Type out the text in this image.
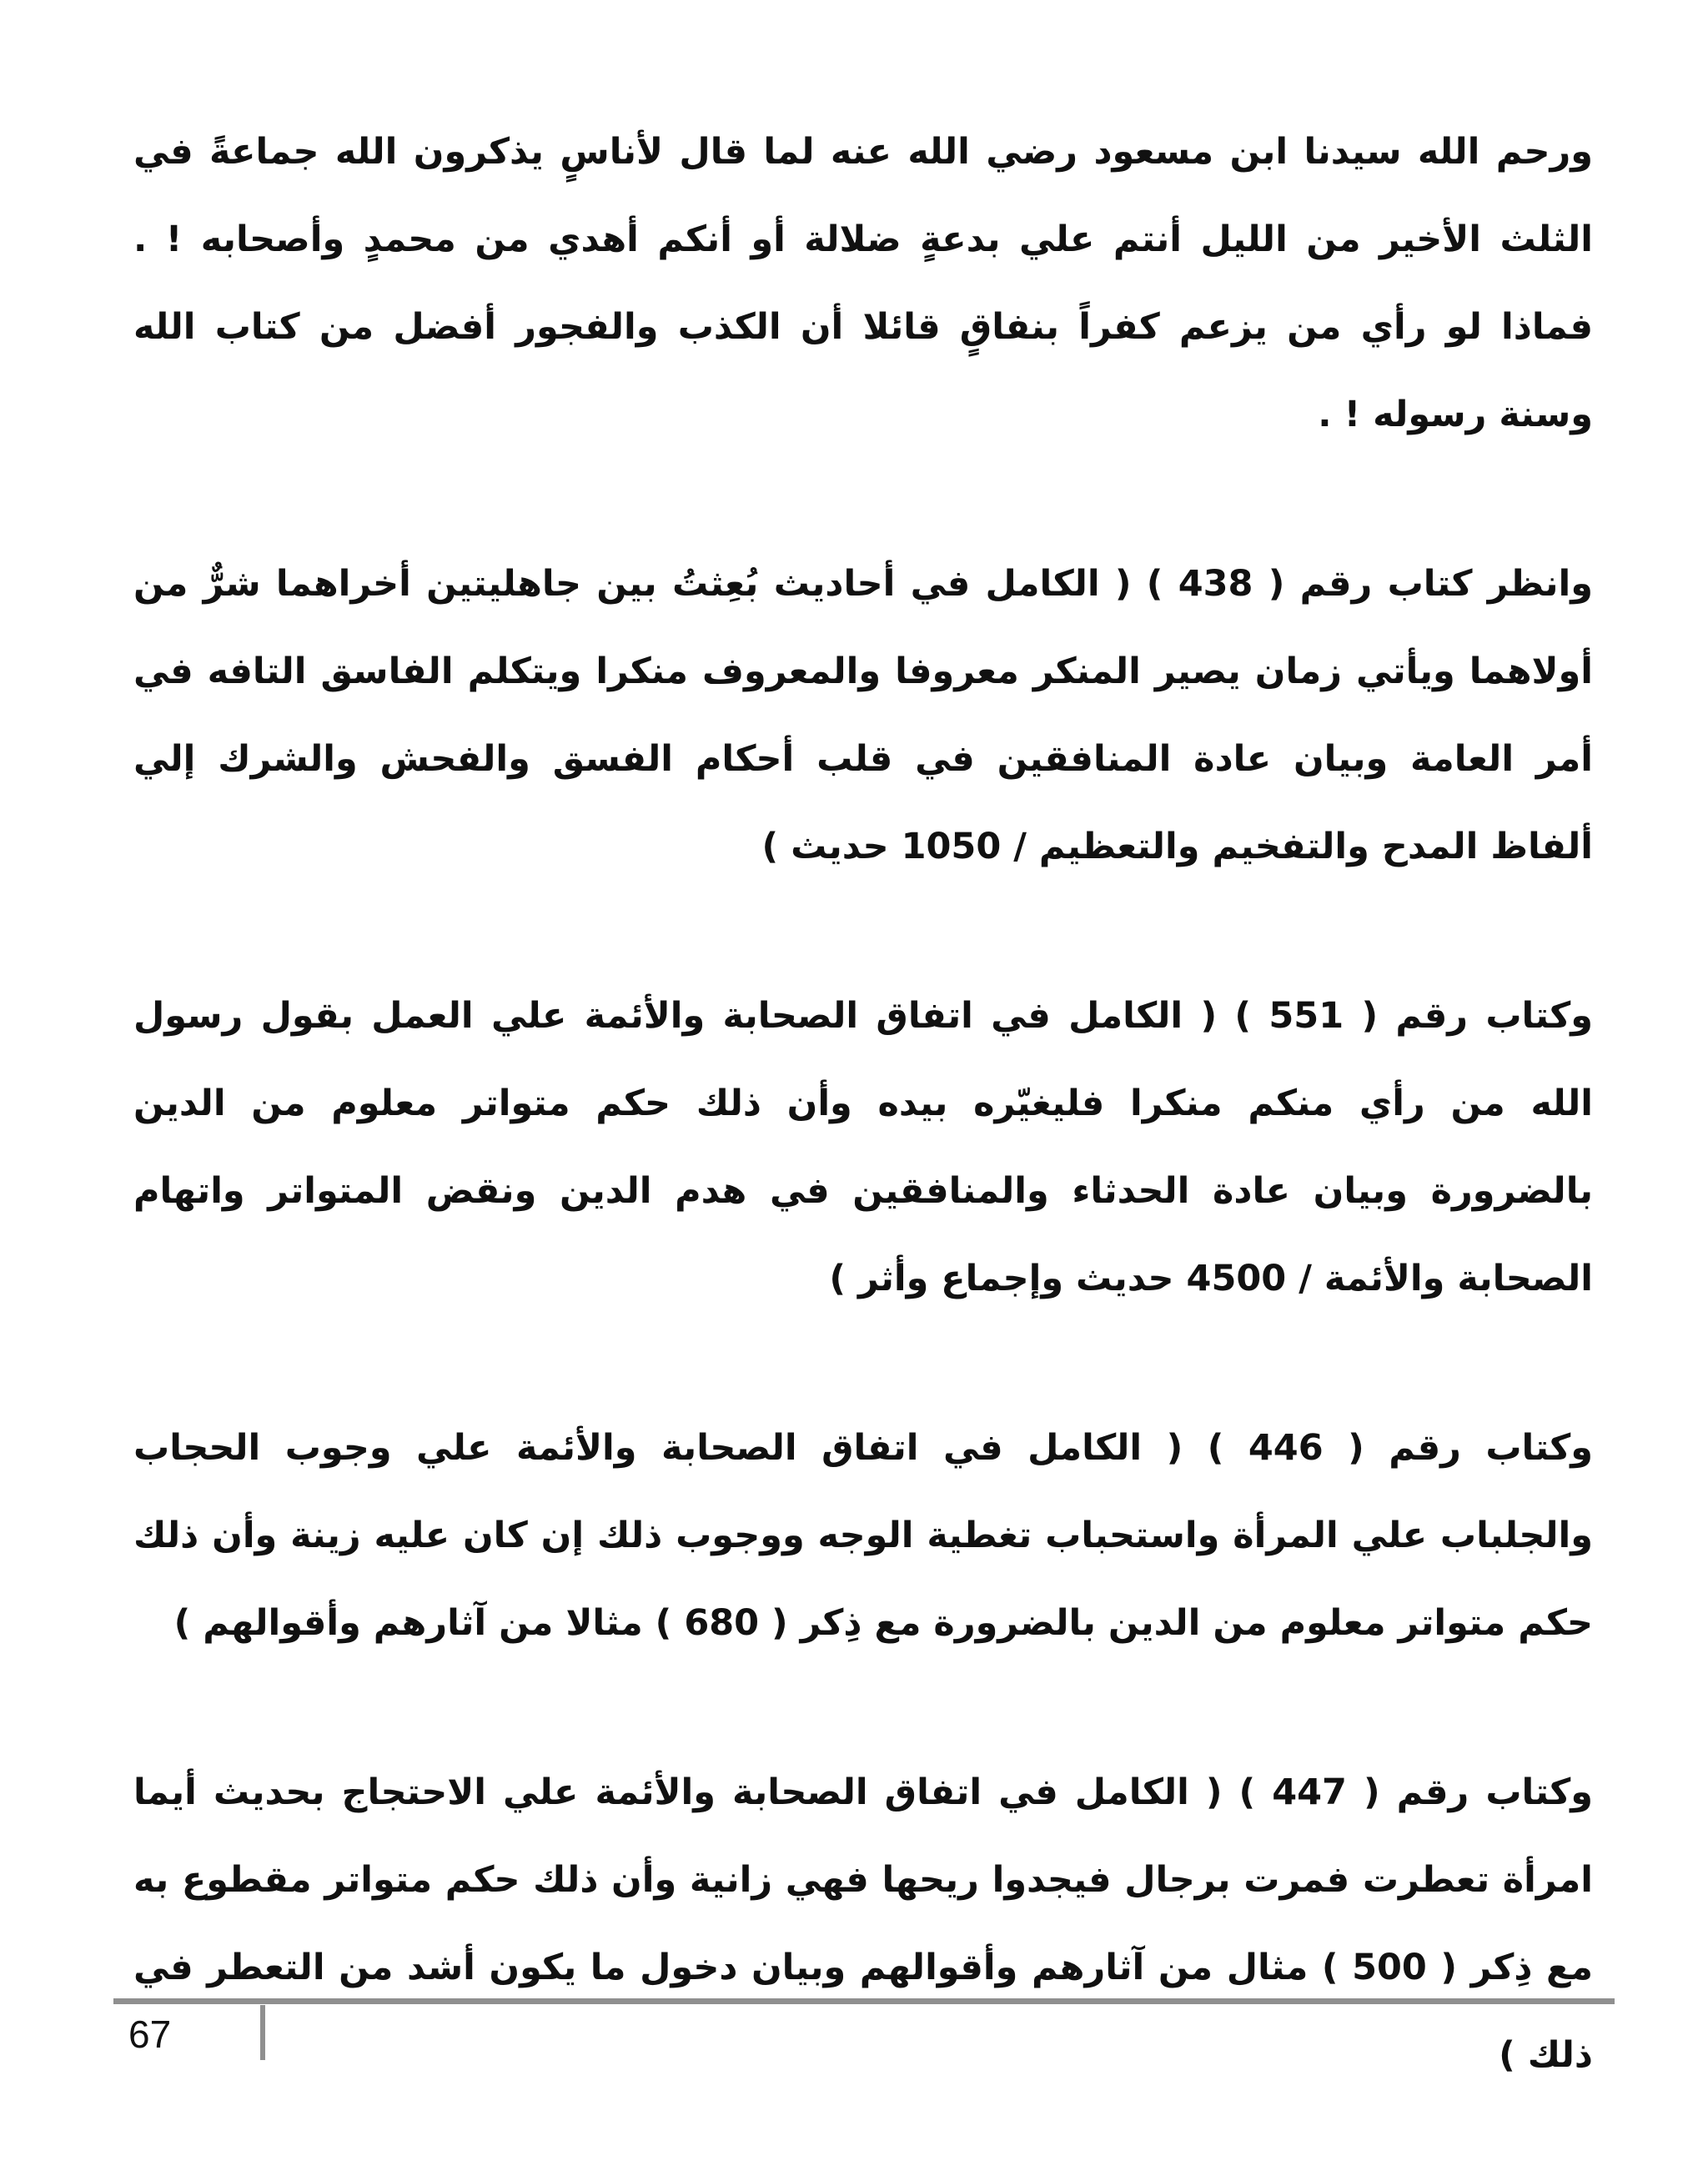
ورحم الله سيدنا ابن مسعود رضي الله عنه لما قال لأناسٍ يذكرون الله جماعةً في الثلث الأخير من الليل أنتم علي بدعةٍ ضلالة أو أنكم أهدي من محمدٍ وأصحابه ! . فماذا لو رأي من يزعم كفراً بنفاقٍ قائلا أن الكذب والفجور أفضل من كتاب الله وسنة رسوله ! .

وانظر كتاب رقم ( 438 ) ( الكامل في أحاديث بُعِثتُ بين جاهليتين أخراهما شرٌّ من أولاهما ويأتي زمان يصير المنكر معروفا والمعروف منكرا ويتكلم الفاسق التافه في أمر العامة وبيان عادة المنافقين في قلب أحكام الفسق والفحش والشرك إلي ألفاظ المدح والتفخيم والتعظيم / 1050 حديث )

وكتاب رقم ( 551 ) ( الكامل في اتفاق الصحابة والأئمة علي العمل بقول رسول الله من رأي منكم منكرا فليغيّره بيده وأن ذلك حكم متواتر معلوم من الدين بالضرورة وبيان عادة الحدثاء والمنافقين في هدم الدين ونقض المتواتر واتهام الصحابة والأئمة / 4500 حديث وإجماع وأثر )

وكتاب رقم ( 446 ) ( الكامل في اتفاق الصحابة والأئمة علي وجوب الحجاب والجلباب علي المرأة واستحباب تغطية الوجه ووجوب ذلك إن كان عليه زينة وأن ذلك حكم متواتر معلوم من الدين بالضرورة مع ذِكر ( 680 ) مثالا من آثارهم وأقوالهم )

وكتاب رقم ( 447 ) ( الكامل في اتفاق الصحابة والأئمة علي الاحتجاج بحديث أيما امرأة تعطرت فمرت برجال فيجدوا ريحها فهي زانية وأن ذلك حكم متواتر مقطوع به مع ذِكر ( 500 ) مثال من آثارهم وأقوالهم وبيان دخول ما يكون أشد من التعطر في ذلك )

67
